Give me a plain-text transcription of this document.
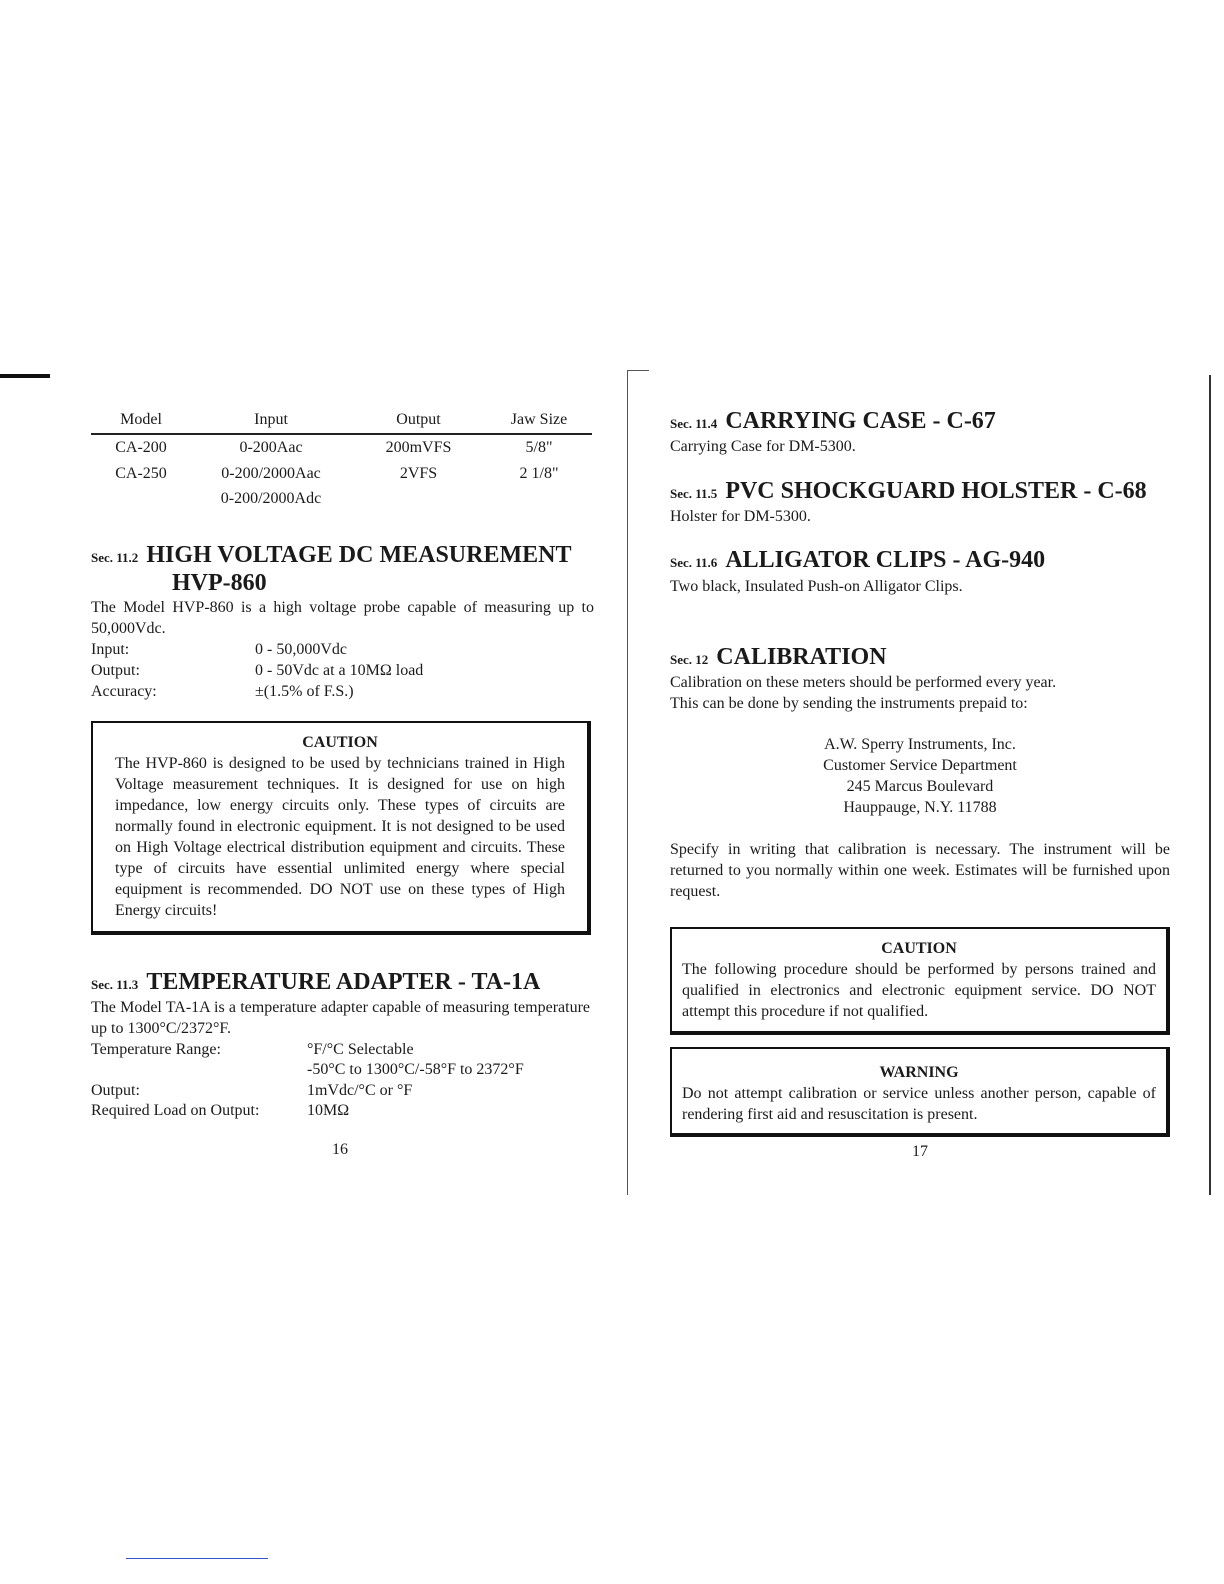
Model	Input	Output	Jaw Size
CA-200	0-200Aac	200mVFS	5/8"
CA-250	0-200/2000Aac	2VFS	2 1/8"
	0-200/2000Adc		
Sec. 11.2 HIGH VOLTAGE DC MEASUREMENT
HVP-860
The Model HVP-860 is a high voltage probe capable of measuring up to 50,000Vdc.
Input:	0 - 50,000Vdc
Output:	0 - 50Vdc at a 10MΩ load
Accuracy:	±(1.5% of F.S.)
CAUTION
The HVP-860 is designed to be used by technicians trained in High Voltage measurement techniques. It is designed for use on high impedance, low energy circuits only. These types of circuits are normally found in electronic equipment. It is not designed to be used on High Voltage electrical distribution equipment and circuits. These type of circuits have essential unlimited energy where special equipment is recommended. DO NOT use on these types of High Energy circuits!
Sec. 11.3 TEMPERATURE ADAPTER - TA-1A
The Model TA-1A is a temperature adapter capable of measuring temperature up to 1300°C/2372°F.
Temperature Range:	°F/°C Selectable
-50°C to 1300°C/-58°F to 2372°F
Output:	1mVdc/°C or °F
Required Load on Output:	10MΩ
16
Sec. 11.4 CARRYING CASE - C-67
Carrying Case for DM-5300.
Sec. 11.5 PVC SHOCKGUARD HOLSTER - C-68
Holster for DM-5300.
Sec. 11.6 ALLIGATOR CLIPS - AG-940
Two black, Insulated Push-on Alligator Clips.
Sec. 12 CALIBRATION
Calibration on these meters should be performed every year.
This can be done by sending the instruments prepaid to:
A.W. Sperry Instruments, Inc.
Customer Service Department
245 Marcus Boulevard
Hauppauge, N.Y. 11788
Specify in writing that calibration is necessary. The instrument will be returned to you normally within one week. Estimates will be furnished upon request.
CAUTION
The following procedure should be performed by persons trained and qualified in electronics and electronic equipment service. DO NOT attempt this procedure if not qualified.
WARNING
Do not attempt calibration or service unless another person, capable of rendering first aid and resuscitation is present.
17
